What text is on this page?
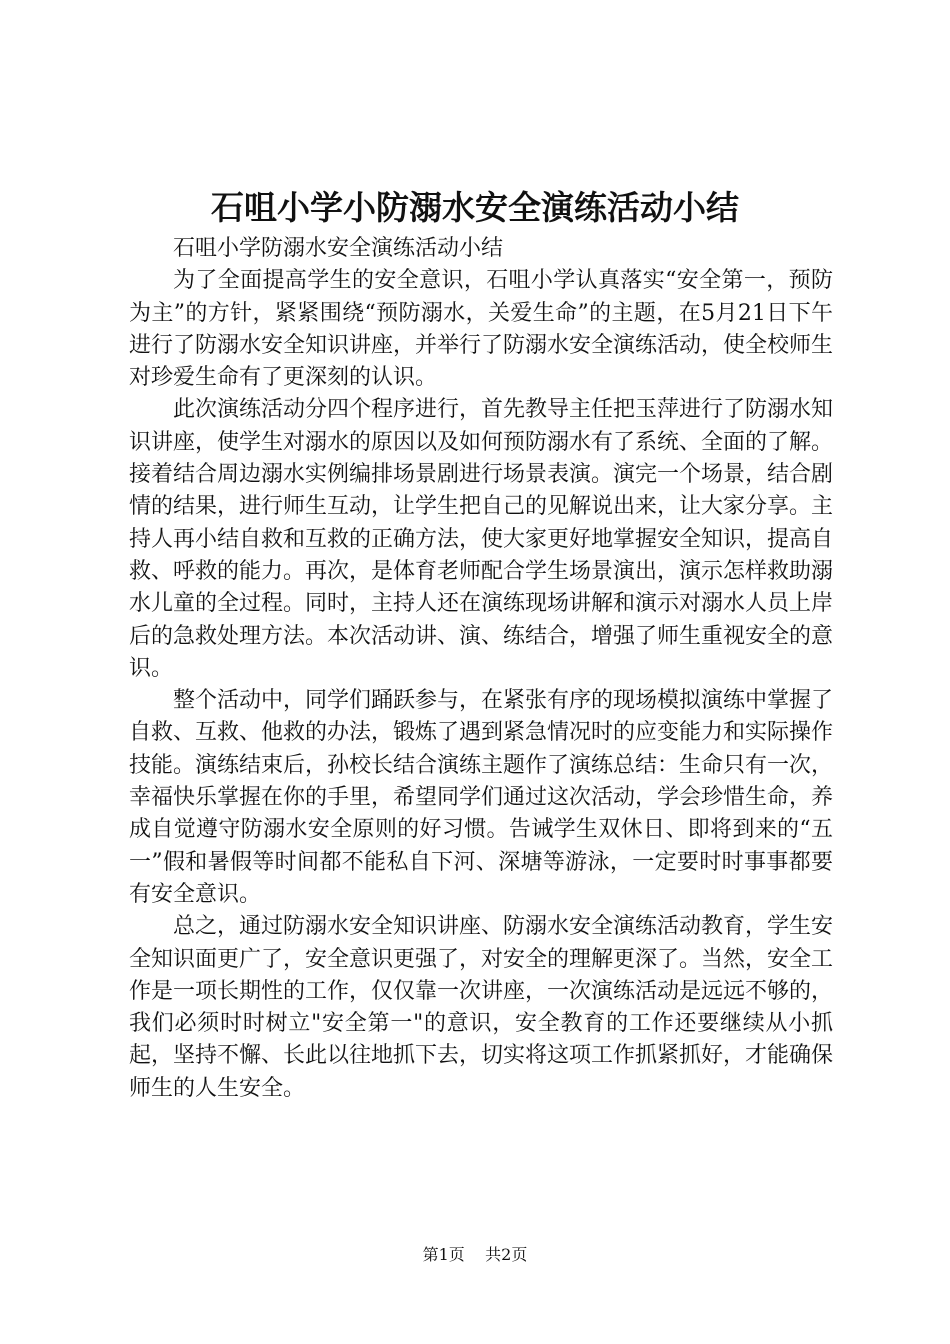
石咀小学小防溺水安全演练活动小结

石咀小学防溺水安全演练活动小结

为了全面提高学生的安全意识，石咀小学认真落实“安全第一，预防为主”的方针，紧紧围绕“预防溺水，关爱生命”的主题，在5月21日下午进行了防溺水安全知识讲座，并举行了防溺水安全演练活动，使全校师生对珍爱生命有了更深刻的认识。

此次演练活动分四个程序进行，首先教导主任把玉萍进行了防溺水知识讲座，使学生对溺水的原因以及如何预防溺水有了系统、全面的了解。接着结合周边溺水实例编排场景剧进行场景表演。演完一个场景，结合剧情的结果，进行师生互动，让学生把自己的见解说出来，让大家分享。主持人再小结自救和互救的正确方法，使大家更好地掌握安全知识，提高自救、呼救的能力。再次，是体育老师配合学生场景演出，演示怎样救助溺水儿童的全过程。同时，主持人还在演练现场讲解和演示对溺水人员上岸后的急救处理方法。本次活动讲、演、练结合，增强了师生重视安全的意识。

整个活动中，同学们踊跃参与，在紧张有序的现场模拟演练中掌握了自救、互救、他救的办法，锻炼了遇到紧急情况时的应变能力和实际操作技能。演练结束后，孙校长结合演练主题作了演练总结：生命只有一次，幸福快乐掌握在你的手里，希望同学们通过这次活动，学会珍惜生命，养成自觉遵守防溺水安全原则的好习惯。告诫学生双休日、即将到来的“五一”假和暑假等时间都不能私自下河、深塘等游泳，一定要时时事事都要有安全意识。

总之，通过防溺水安全知识讲座、防溺水安全演练活动教育，学生安全知识面更广了，安全意识更强了，对安全的理解更深了。当然，安全工作是一项长期性的工作，仅仅靠一次讲座，一次演练活动是远远不够的，我们必须时时树立"安全第一"的意识，安全教育的工作还要继续从小抓起，坚持不懈、长此以往地抓下去，切实将这项工作抓紧抓好，才能确保师生的人生安全。

第1页 共2页
